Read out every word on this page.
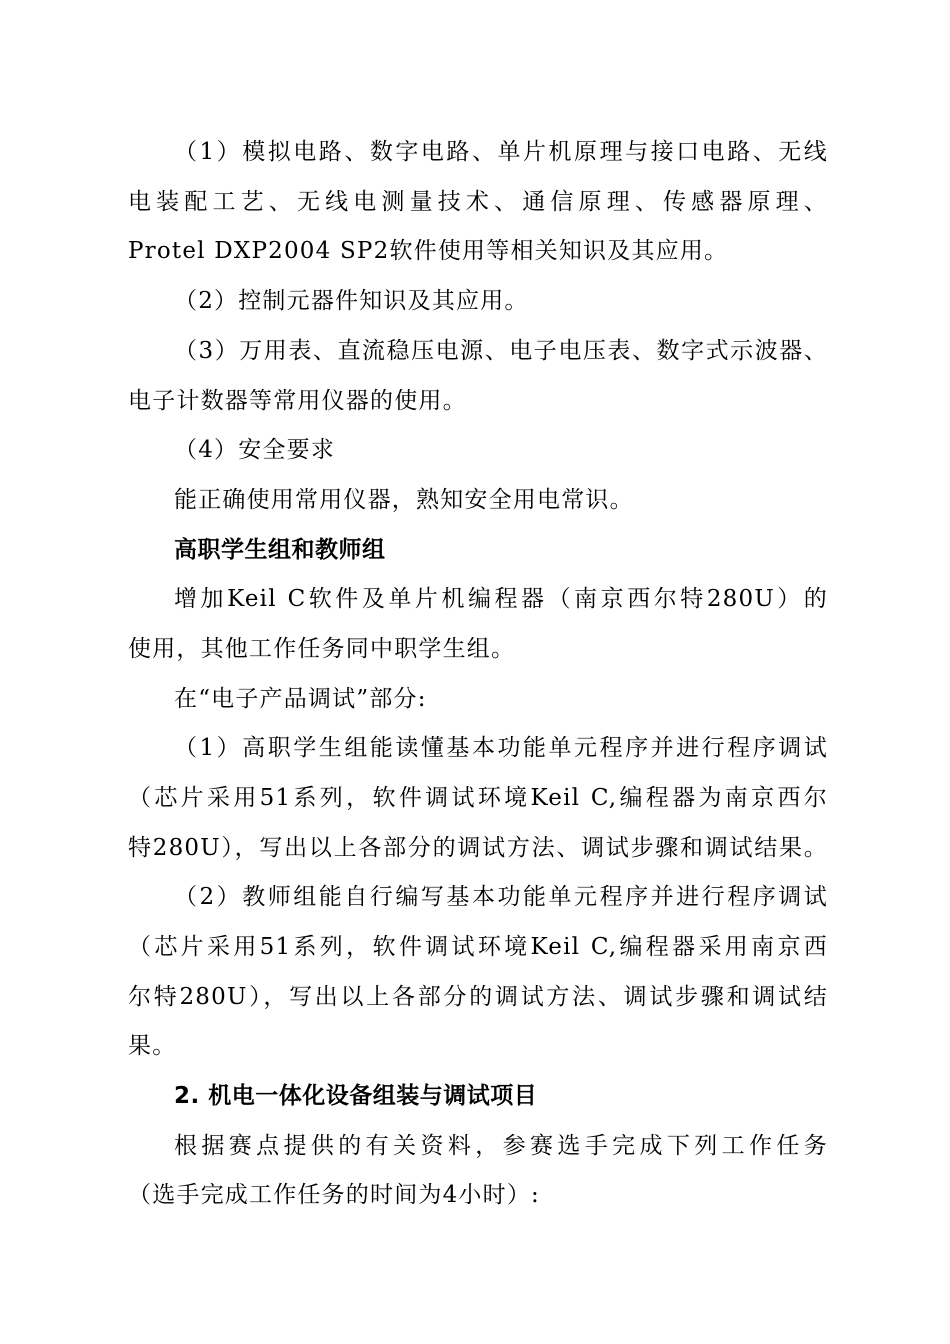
（1）模拟电路、数字电路、单片机原理与接口电路、无线
电装配工艺、无线电测量技术、通信原理、传感器原理、
Protel DXP2004 SP2软件使用等相关知识及其应用。
（2）控制元器件知识及其应用。
（3）万用表、直流稳压电源、电子电压表、数字式示波器、
电子计数器等常用仪器的使用。
（4）安全要求
能正确使用常用仪器，熟知安全用电常识。
高职学生组和教师组
增加Keil C软件及单片机编程器（南京西尔特280U）的
使用，其他工作任务同中职学生组。
在“电子产品调试”部分:
（1）高职学生组能读懂基本功能单元程序并进行程序调试
（芯片采用51系列，软件调试环境Keil C,编程器为南京西尔
特280U），写出以上各部分的调试方法、调试步骤和调试结果。
（2）教师组能自行编写基本功能单元程序并进行程序调试
（芯片采用51系列，软件调试环境Keil C,编程器采用南京西
尔特280U），写出以上各部分的调试方法、调试步骤和调试结
果。
2. 机电一体化设备组装与调试项目
根据赛点提供的有关资料，参赛选手完成下列工作任务
（选手完成工作任务的时间为4小时）:
